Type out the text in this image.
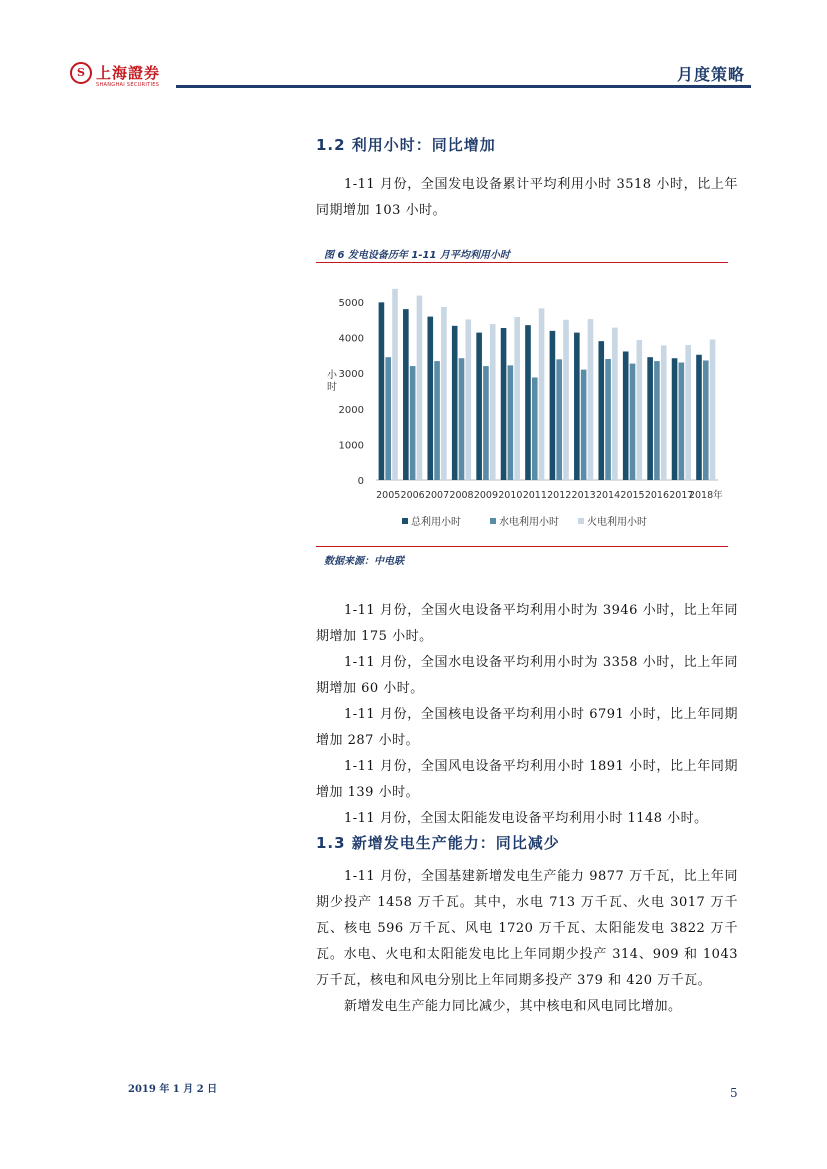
S 上海證券
SHANGHAI SECURITIES
月度策略
1.2 利用小时：同比增加
1-11 月份，全国发电设备累计平均利用小时 3518 小时，比上年同期增加 103 小时。
图 6 发电设备历年 1-11 月平均利用小时
0
1000
2000
3000
4000
5000
小
时
2005 2006 2007 2008 2009 2010 2011 2012 2013 2014 2015 2016 2017
2018年
总利用小时	水电利用小时	火电利用小时
数据来源：中电联
1-11 月份，全国火电设备平均利用小时为 3946 小时，比上年同期增加 175 小时。
1-11 月份，全国水电设备平均利用小时为 3358 小时，比上年同期增加 60 小时。
1-11 月份，全国核电设备平均利用小时 6791 小时，比上年同期增加 287 小时。
1-11 月份，全国风电设备平均利用小时 1891 小时，比上年同期增加 139 小时。
1-11 月份，全国太阳能发电设备平均利用小时 1148 小时。
1.3 新增发电生产能力：同比减少
1-11 月份，全国基建新增发电生产能力 9877 万千瓦，比上年同期少投产 1458 万千瓦。其中，水电 713 万千瓦、火电 3017 万千瓦、核电 596 万千瓦、风电 1720 万千瓦、太阳能发电 3822 万千瓦。水电、火电和太阳能发电比上年同期少投产 314、909 和 1043 万千瓦，核电和风电分别比上年同期多投产 379 和 420 万千瓦。
新增发电生产能力同比减少，其中核电和风电同比增加。
2019 年 1 月 2 日	5
